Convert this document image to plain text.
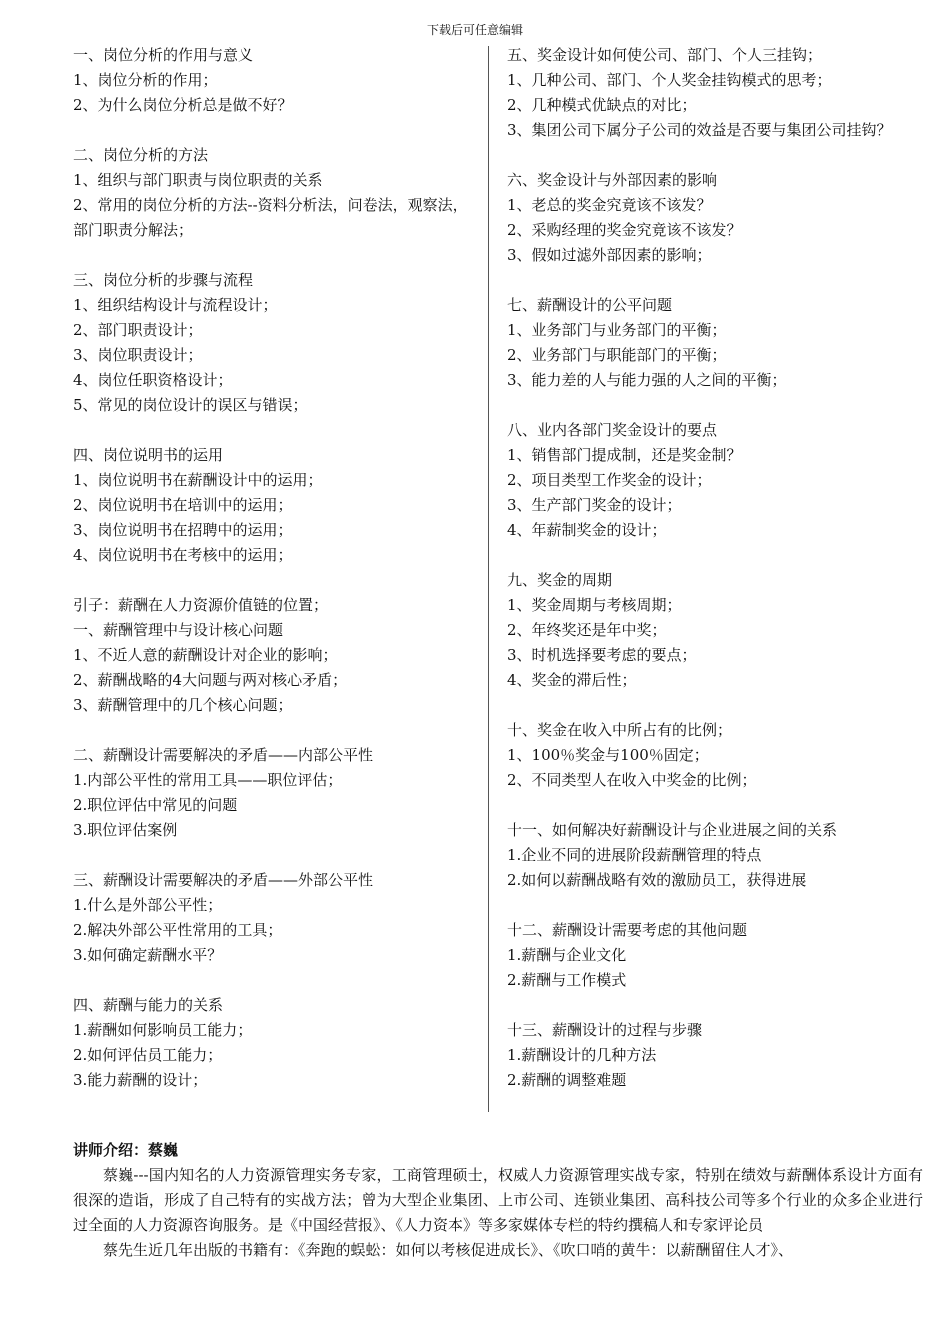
下载后可任意编辑
一、岗位分析的作用与意义
1、岗位分析的作用；
2、为什么岗位分析总是做不好？
二、岗位分析的方法
1、组织与部门职责与岗位职责的关系
2、常用的岗位分析的方法--资料分析法，问卷法，观察法，部门职责分解法；
三、岗位分析的步骤与流程
1、组织结构设计与流程设计；
2、部门职责设计；
3、岗位职责设计；
4、岗位任职资格设计；
5、常见的岗位设计的误区与错误；
四、岗位说明书的运用
1、岗位说明书在薪酬设计中的运用；
2、岗位说明书在培训中的运用；
3、岗位说明书在招聘中的运用；
4、岗位说明书在考核中的运用；
引子：薪酬在人力资源价值链的位置；
一、薪酬管理中与设计核心问题
1、不近人意的薪酬设计对企业的影响；
2、薪酬战略的4大问题与两对核心矛盾；
3、薪酬管理中的几个核心问题；
二、薪酬设计需要解决的矛盾——内部公平性
1.内部公平性的常用工具——职位评估；
2.职位评估中常见的问题
3.职位评估案例
三、薪酬设计需要解决的矛盾——外部公平性
1.什么是外部公平性；
2.解决外部公平性常用的工具；
3.如何确定薪酬水平？
四、薪酬与能力的关系
1.薪酬如何影响员工能力；
2.如何评估员工能力；
3.能力薪酬的设计；
五、奖金设计如何使公司、部门、个人三挂钩；
1、几种公司、部门、个人奖金挂钩模式的思考；
2、几种模式优缺点的对比；
3、集团公司下属分子公司的效益是否要与集团公司挂钩？
六、奖金设计与外部因素的影响
1、老总的奖金究竟该不该发？
2、采购经理的奖金究竟该不该发？
3、假如过滤外部因素的影响；
七、薪酬设计的公平问题
1、业务部门与业务部门的平衡；
2、业务部门与职能部门的平衡；
3、能力差的人与能力强的人之间的平衡；
八、业内各部门奖金设计的要点
1、销售部门提成制，还是奖金制？
2、项目类型工作奖金的设计；
3、生产部门奖金的设计；
4、年薪制奖金的设计；
九、奖金的周期
1、奖金周期与考核周期；
2、年终奖还是年中奖；
3、时机选择要考虑的要点；
4、奖金的滞后性；
十、奖金在收入中所占有的比例；
1、100％奖金与100％固定；
2、不同类型人在收入中奖金的比例；
十一、如何解决好薪酬设计与企业进展之间的关系
1.企业不同的进展阶段薪酬管理的特点
2.如何以薪酬战略有效的激励员工，获得进展
十二、薪酬设计需要考虑的其他问题
1.薪酬与企业文化
2.薪酬与工作模式
十三、薪酬设计的过程与步骤
1.薪酬设计的几种方法
2.薪酬的调整难题
讲师介绍：蔡巍

蔡巍---国内知名的人力资源管理实务专家，工商管理硕士，权威人力资源管理实战专家，特别在绩效与薪酬体系设计方面有很深的造诣，形成了自己特有的实战方法；曾为大型企业集团、上市公司、连锁业集团、高科技公司等多个行业的众多企业进行过全面的人力资源咨询服务。是《中国经营报》、《人力资本》等多家媒体专栏的特约撰稿人和专家评论员

蔡先生近几年出版的书籍有：《奔跑的蜈蚣：如何以考核促进成长》、《吹口哨的黄牛：以薪酬留住人才》、
